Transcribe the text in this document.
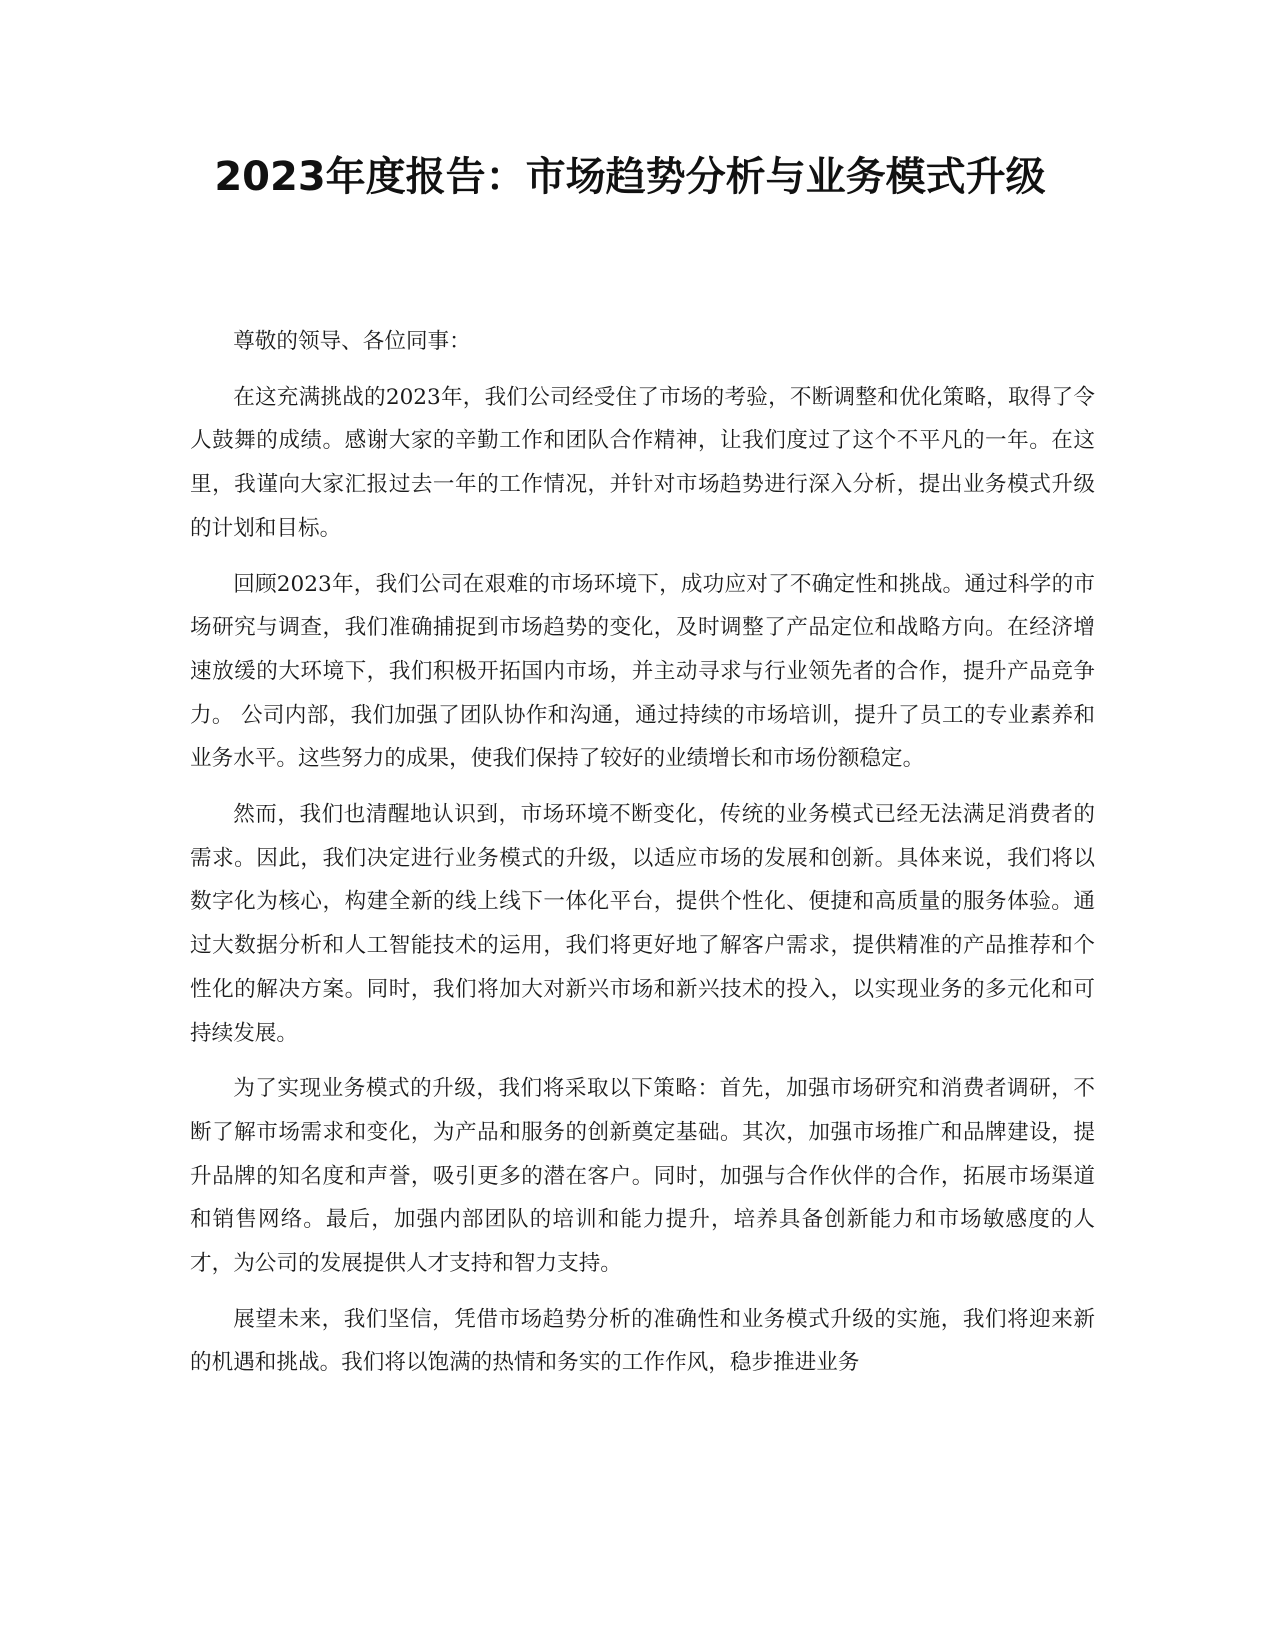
2023年度报告：市场趋势分析与业务模式升级

尊敬的领导、各位同事：

在这充满挑战的2023年，我们公司经受住了市场的考验，不断调整和优化策略，取得了令人鼓舞的成绩。感谢大家的辛勤工作和团队合作精神，让我们度过了这个不平凡的一年。在这里，我谨向大家汇报过去一年的工作情况，并针对市场趋势进行深入分析，提出业务模式升级的计划和目标。

回顾2023年，我们公司在艰难的市场环境下，成功应对了不确定性和挑战。通过科学的市场研究与调查，我们准确捕捉到市场趋势的变化，及时调整了产品定位和战略方向。在经济增速放缓的大环境下，我们积极开拓国内市场，并主动寻求与行业领先者的合作，提升产品竞争力。 公司内部，我们加强了团队协作和沟通，通过持续的市场培训，提升了员工的专业素养和业务水平。这些努力的成果，使我们保持了较好的业绩增长和市场份额稳定。

然而，我们也清醒地认识到，市场环境不断变化，传统的业务模式已经无法满足消费者的需求。因此，我们决定进行业务模式的升级，以适应市场的发展和创新。具体来说，我们将以数字化为核心，构建全新的线上线下一体化平台，提供个性化、便捷和高质量的服务体验。通过大数据分析和人工智能技术的运用，我们将更好地了解客户需求，提供精准的产品推荐和个性化的解决方案。同时，我们将加大对新兴市场和新兴技术的投入，以实现业务的多元化和可持续发展。

为了实现业务模式的升级，我们将采取以下策略：首先，加强市场研究和消费者调研，不断了解市场需求和变化，为产品和服务的创新奠定基础。其次，加强市场推广和品牌建设，提升品牌的知名度和声誉，吸引更多的潜在客户。同时，加强与合作伙伴的合作，拓展市场渠道和销售网络。最后，加强内部团队的培训和能力提升，培养具备创新能力和市场敏感度的人才，为公司的发展提供人才支持和智力支持。

展望未来，我们坚信，凭借市场趋势分析的准确性和业务模式升级的实施，我们将迎来新的机遇和挑战。我们将以饱满的热情和务实的工作作风，稳步推进业务
